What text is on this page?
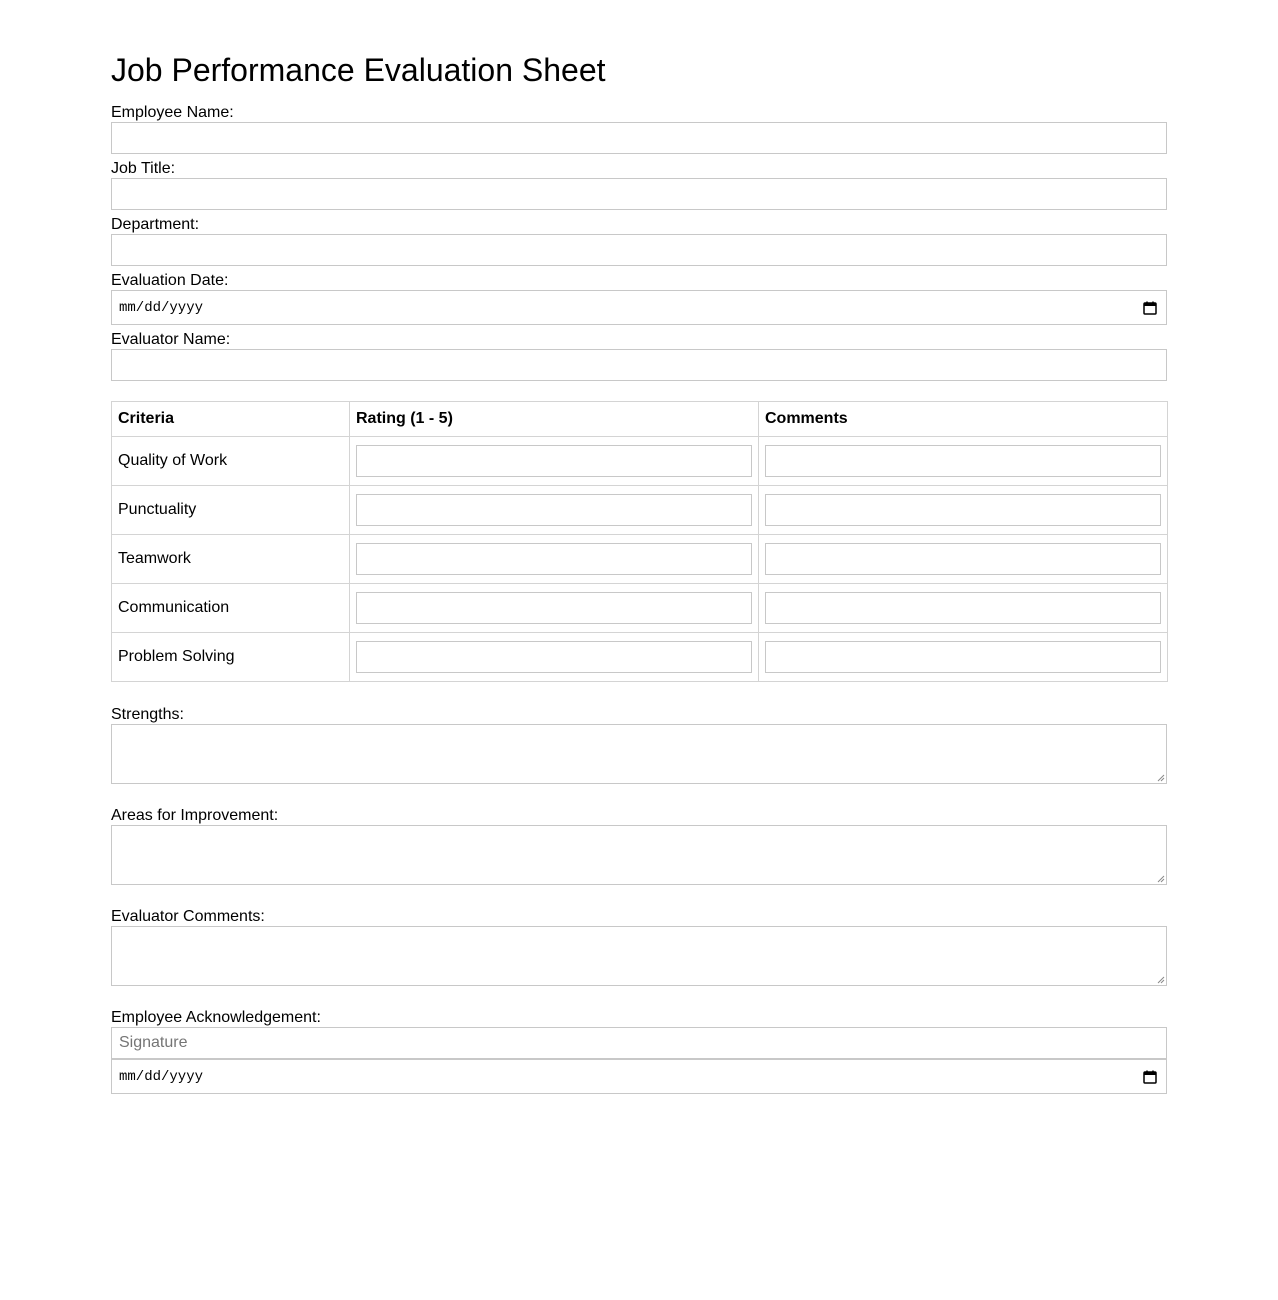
Job Performance Evaluation Sheet
Employee Name:
Job Title:
Department:
Evaluation Date:
mm/dd/yyyy
Evaluator Name:
Criteria	Rating (1 - 5)	Comments
Quality of Work	

Punctuality	

Teamwork	

Communication	

Problem Solving	

Strengths:
Areas for Improvement:
Evaluator Comments:
Employee Acknowledgement:
Signature
mm/dd/yyyy
